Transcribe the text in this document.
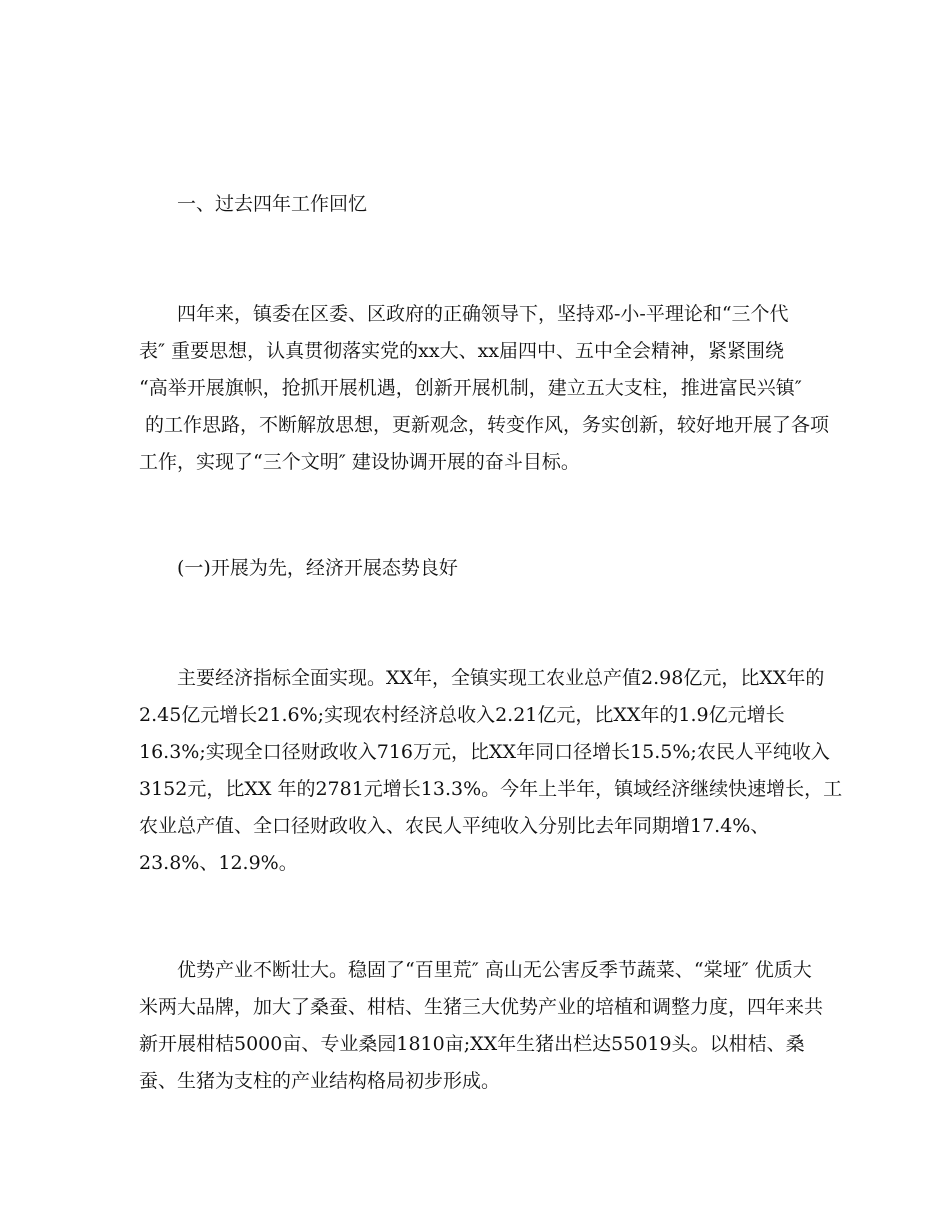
一、过去四年工作回忆

四年来，镇委在区委、区政府的正确领导下，坚持邓-小-平理论和“三个代

表″ 重要思想，认真贯彻落实党的xx大、xx届四中、五中全会精神，紧紧围绕

“高举开展旗帜，抢抓开展机遇，创新开展机制，建立五大支柱，推进富民兴镇″

的工作思路，不断解放思想，更新观念，转变作风，务实创新，较好地开展了各项

工作，实现了“三个文明″ 建设协调开展的奋斗目标。

(一)开展为先，经济开展态势良好

主要经济指标全面实现。XX年，全镇实现工农业总产值2.98亿元，比XX年的

2.45亿元增长21.6%;实现农村经济总收入2.21亿元，比XX年的1.9亿元增长

16.3%;实现全口径财政收入716万元，比XX年同口径增长15.5%;农民人平纯收入

3152元，比XX 年的2781元增长13.3%。今年上半年，镇域经济继续快速增长，工

农业总产值、全口径财政收入、农民人平纯收入分别比去年同期增17.4%、

23.8%、12.9%。

优势产业不断壮大。稳固了“百里荒″ 高山无公害反季节蔬菜、“棠垭″ 优质大

米两大品牌，加大了桑蚕、柑桔、生猪三大优势产业的培植和调整力度，四年来共

新开展柑桔5000亩、专业桑园1810亩;XX年生猪出栏达55019头。以柑桔、桑

蚕、生猪为支柱的产业结构格局初步形成。
